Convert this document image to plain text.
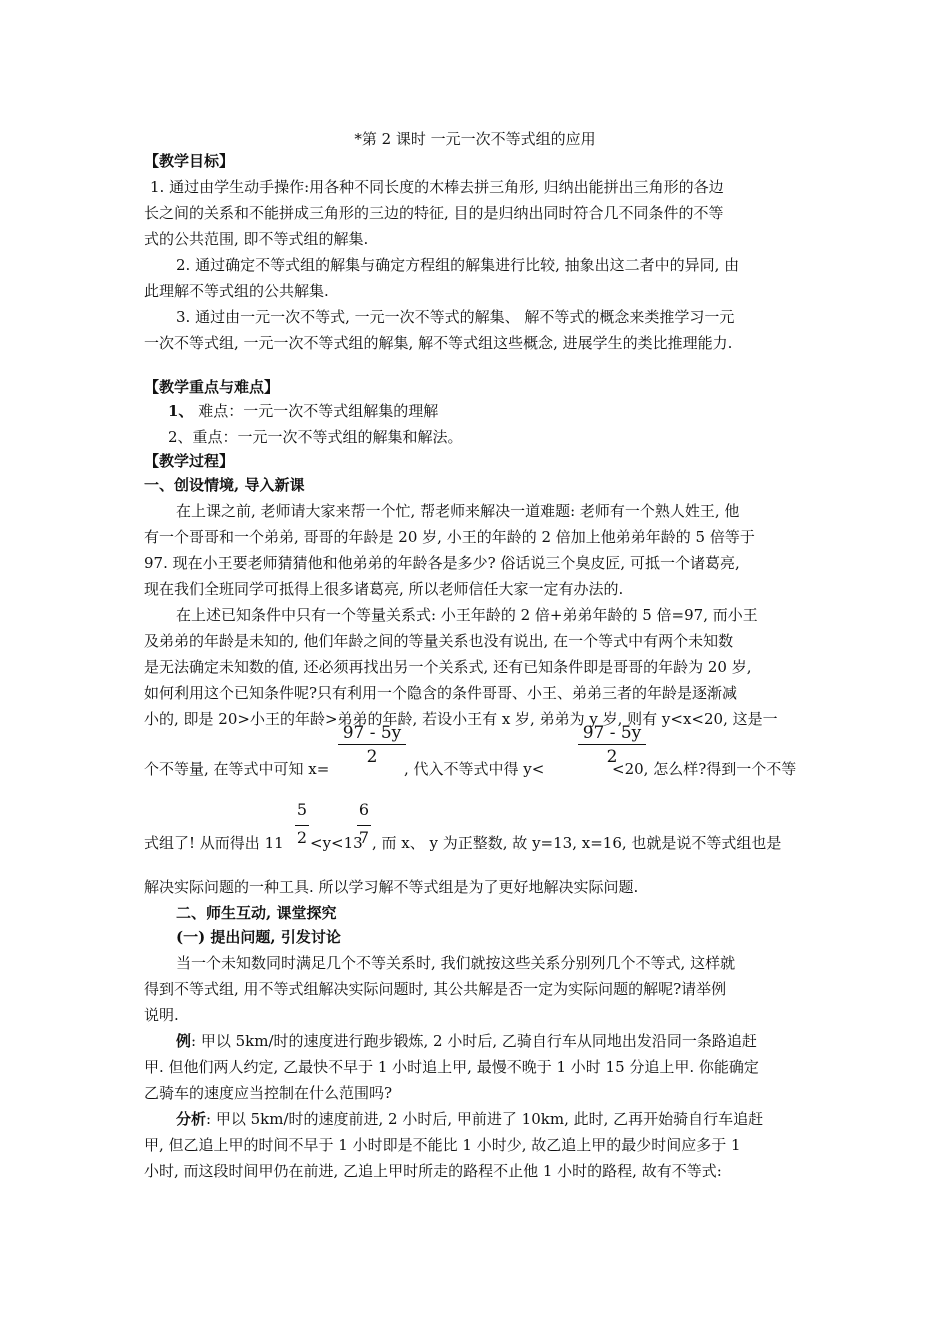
*第 2 课时 一元一次不等式组的应用
【教学目标】
1. 通过由学生动手操作:用各种不同长度的木棒去拼三角形, 归纳出能拼出三角形的各边
长之间的关系和不能拼成三角形的三边的特征, 目的是归纳出同时符合几不同条件的不等
式的公共范围, 即不等式组的解集.
2. 通过确定不等式组的解集与确定方程组的解集进行比较, 抽象出这二者中的异同, 由
此理解不等式组的公共解集.
3. 通过由一元一次不等式, 一元一次不等式的解集、 解不等式的概念来类推学习一元
一次不等式组, 一元一次不等式组的解集, 解不等式组这些概念, 进展学生的类比推理能力.
【教学重点与难点】
1、 难点：一元一次不等式组解集的理解
2、重点：一元一次不等式组的解集和解法。
【教学过程】
一、创设情境, 导入新课
在上课之前, 老师请大家来帮一个忙, 帮老师来解决一道难题: 老师有一个熟人姓王, 他
有一个哥哥和一个弟弟, 哥哥的年龄是 20 岁, 小王的年龄的 2 倍加上他弟弟年龄的 5 倍等于
97. 现在小王要老师猜猜他和他弟弟的年龄各是多少? 俗话说三个臭皮匠, 可抵一个诸葛亮,
现在我们全班同学可抵得上很多诸葛亮, 所以老师信任大家一定有办法的.
在上述已知条件中只有一个等量关系式: 小王年龄的 2 倍+弟弟年龄的 5 倍=97, 而小王
及弟弟的年龄是未知的, 他们年龄之间的等量关系也没有说出, 在一个等式中有两个未知数
是无法确定未知数的值, 还必须再找出另一个关系式, 还有已知条件即是哥哥的年龄为 20 岁,
如何利用这个已知条件呢?只有利用一个隐含的条件哥哥、小王、弟弟三者的年龄是逐渐减
小的, 即是 20>小王的年龄>弟弟的年龄, 若设小王有 x 岁, 弟弟为 y 岁, 则有 y<x<20, 这是一
个不等量, 在等式中可知 x=
97 - 5y
2
, 代入不等式中得 y<
97 - 5y
2
<20, 怎么样?得到一个不等
式组了! 从而得出 11
5
2 <y<13
6
7 , 而 x、 y 为正整数, 故 y=13, x=16, 也就是说不等式组也是
解决实际问题的一种工具. 所以学习解不等式组是为了更好地解决实际问题.
二、师生互动, 课堂探究
(一) 提出问题, 引发讨论
当一个未知数同时满足几个不等关系时, 我们就按这些关系分别列几个不等式, 这样就
得到不等式组, 用不等式组解决实际问题时, 其公共解是否一定为实际问题的解呢?请举例
说明.
例: 甲以 5km/时的速度进行跑步锻炼, 2 小时后, 乙骑自行车从同地出发沿同一条路追赶
甲. 但他们两人约定, 乙最快不早于 1 小时追上甲, 最慢不晚于 1 小时 15 分追上甲. 你能确定
乙骑车的速度应当控制在什么范围吗?
分析: 甲以 5km/时的速度前进, 2 小时后, 甲前进了 10km, 此时, 乙再开始骑自行车追赶
甲, 但乙追上甲的时间不早于 1 小时即是不能比 1 小时少, 故乙追上甲的最少时间应多于 1
小时, 而这段时间甲仍在前进, 乙追上甲时所走的路程不止他 1 小时的路程, 故有不等式:
